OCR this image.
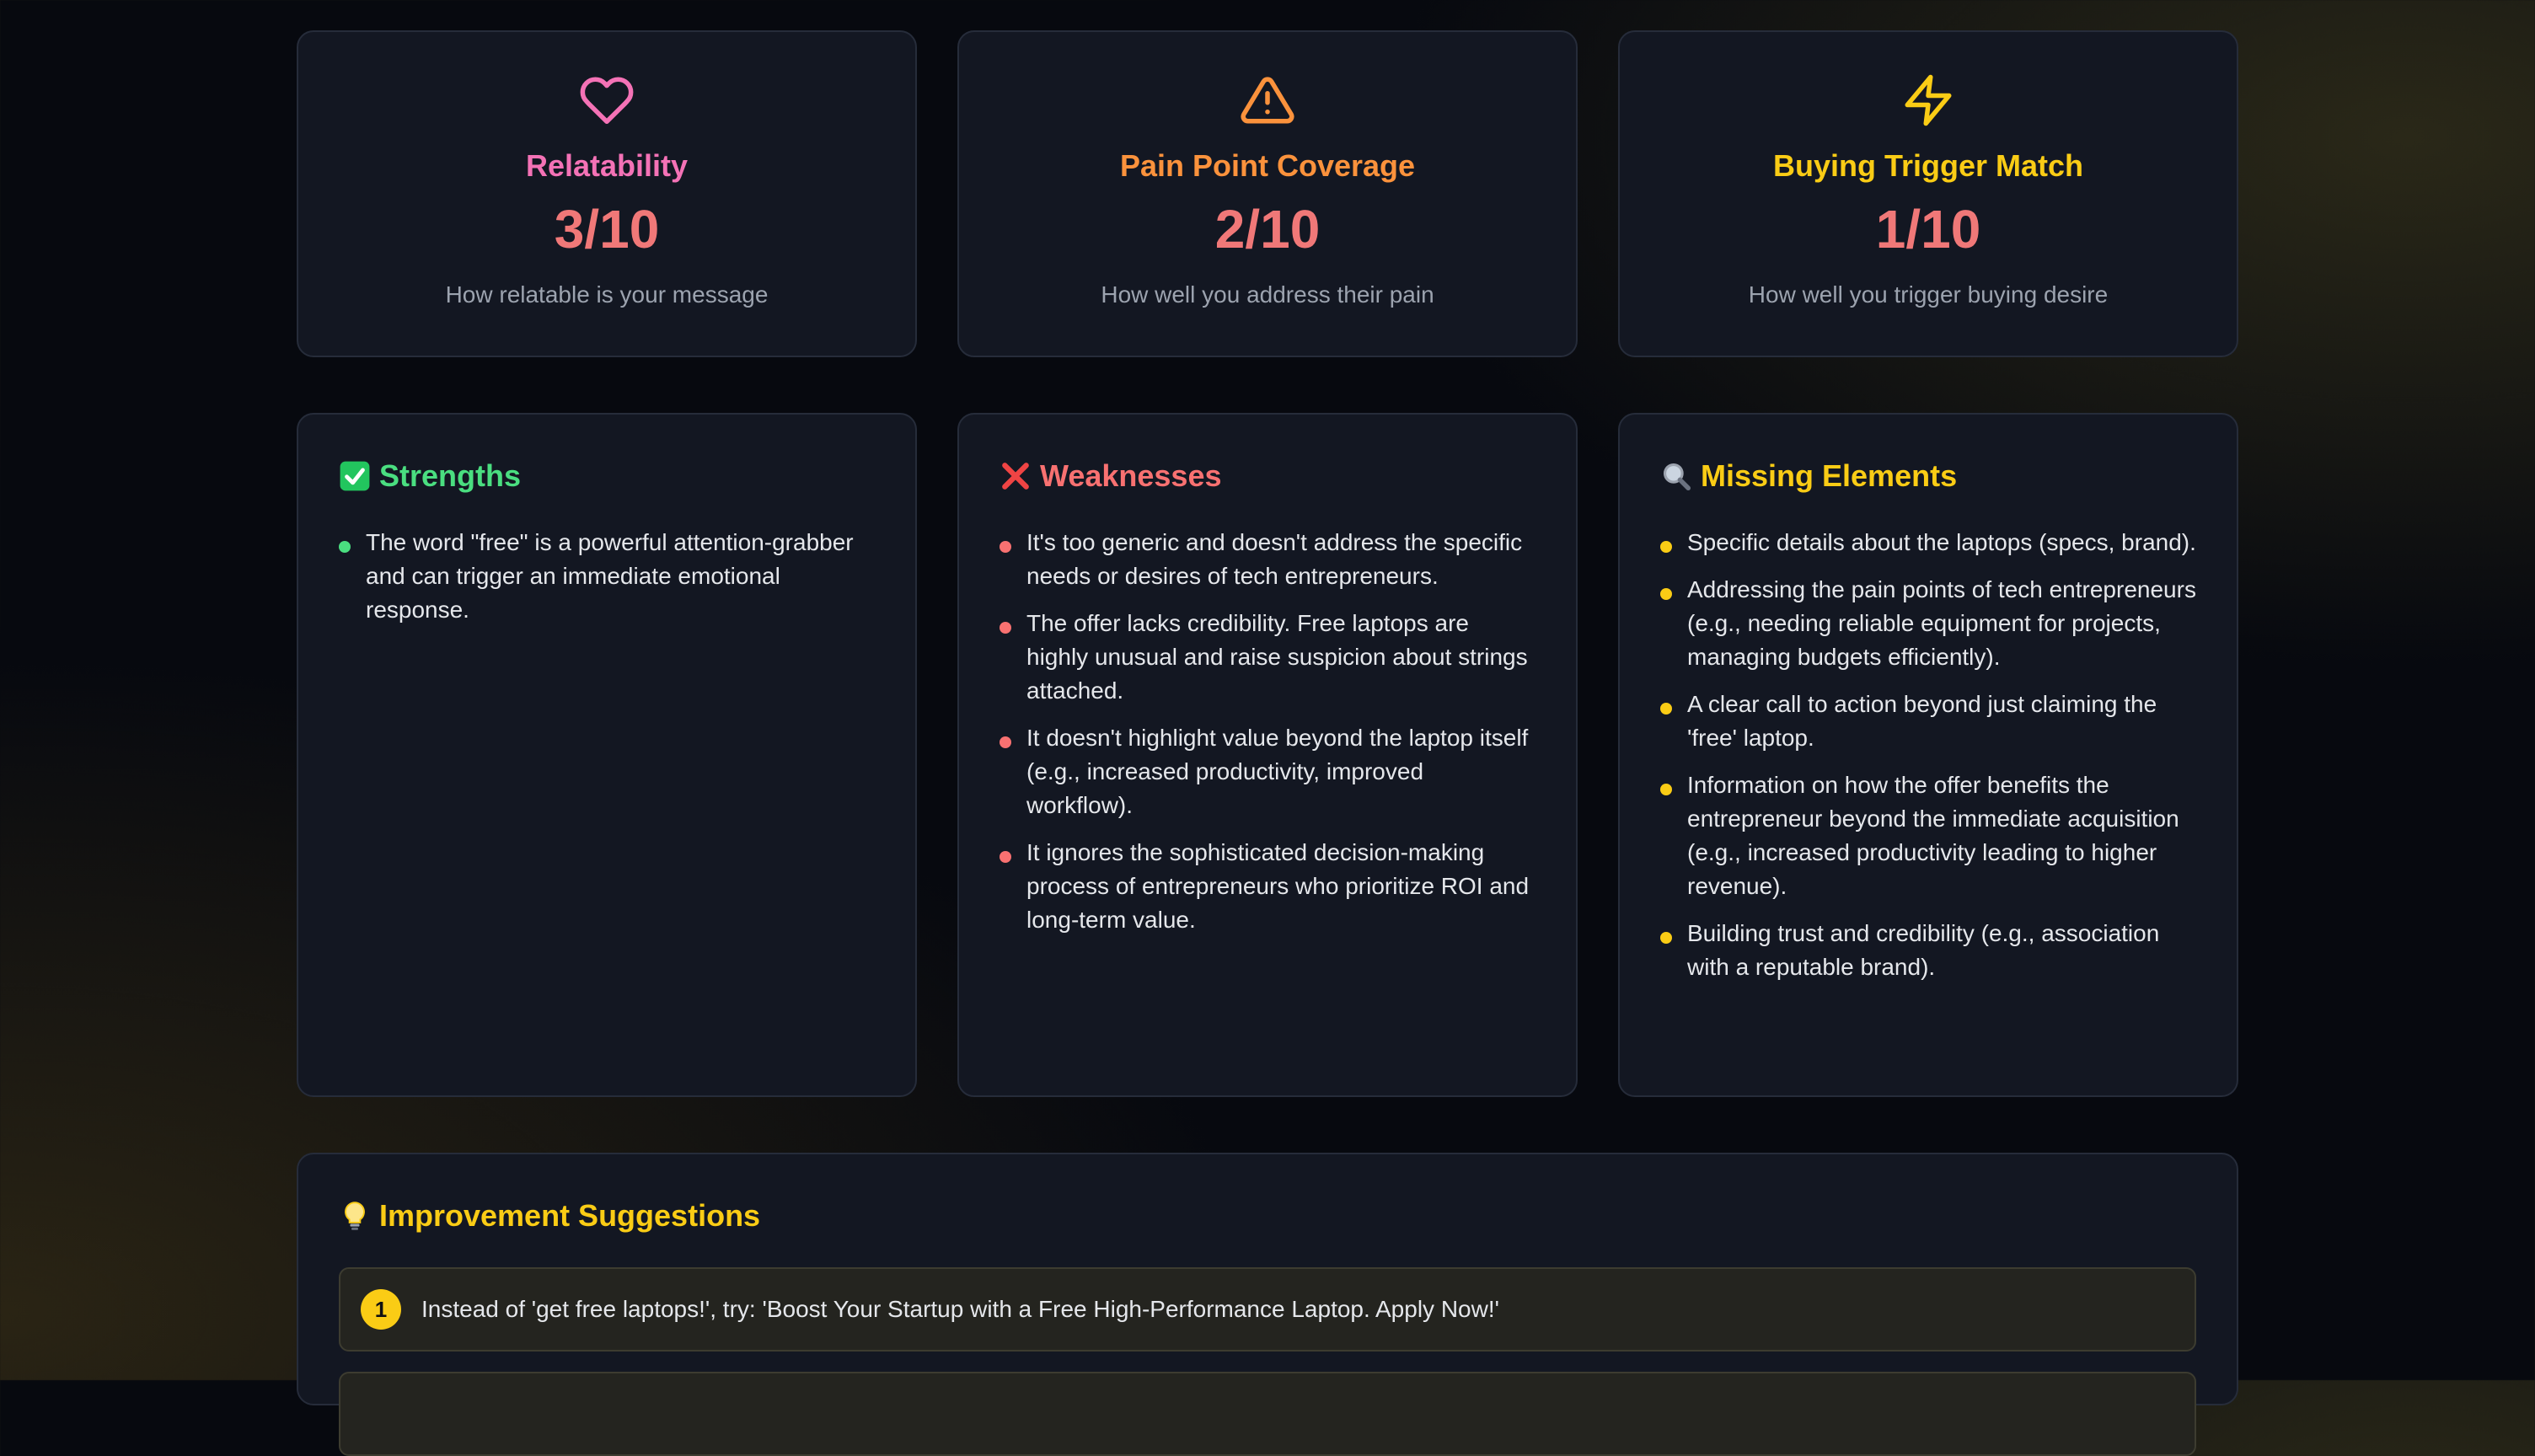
Relatability
3/10
How relatable is your message
Pain Point Coverage
2/10
How well you address their pain
Buying Trigger Match
1/10
How well you trigger buying desire
Strengths
The word "free" is a powerful attention-grabber and can trigger an immediate emotional response.
Weaknesses
It's too generic and doesn't address the specific needs or desires of tech entrepreneurs.
The offer lacks credibility. Free laptops are highly unusual and raise suspicion about strings attached.
It doesn't highlight value beyond the laptop itself (e.g., increased productivity, improved workflow).
It ignores the sophisticated decision-making process of entrepreneurs who prioritize ROI and long-term value.
Missing Elements
Specific details about the laptops (specs, brand).
Addressing the pain points of tech entrepreneurs (e.g., needing reliable equipment for projects, managing budgets efficiently).
A clear call to action beyond just claiming the 'free' laptop.
Information on how the offer benefits the entrepreneur beyond the immediate acquisition (e.g., increased productivity leading to higher revenue).
Building trust and credibility (e.g., association with a reputable brand).
Improvement Suggestions
1	Instead of 'get free laptops!', try: 'Boost Your Startup with a Free High-Performance Laptop. Apply Now!'
